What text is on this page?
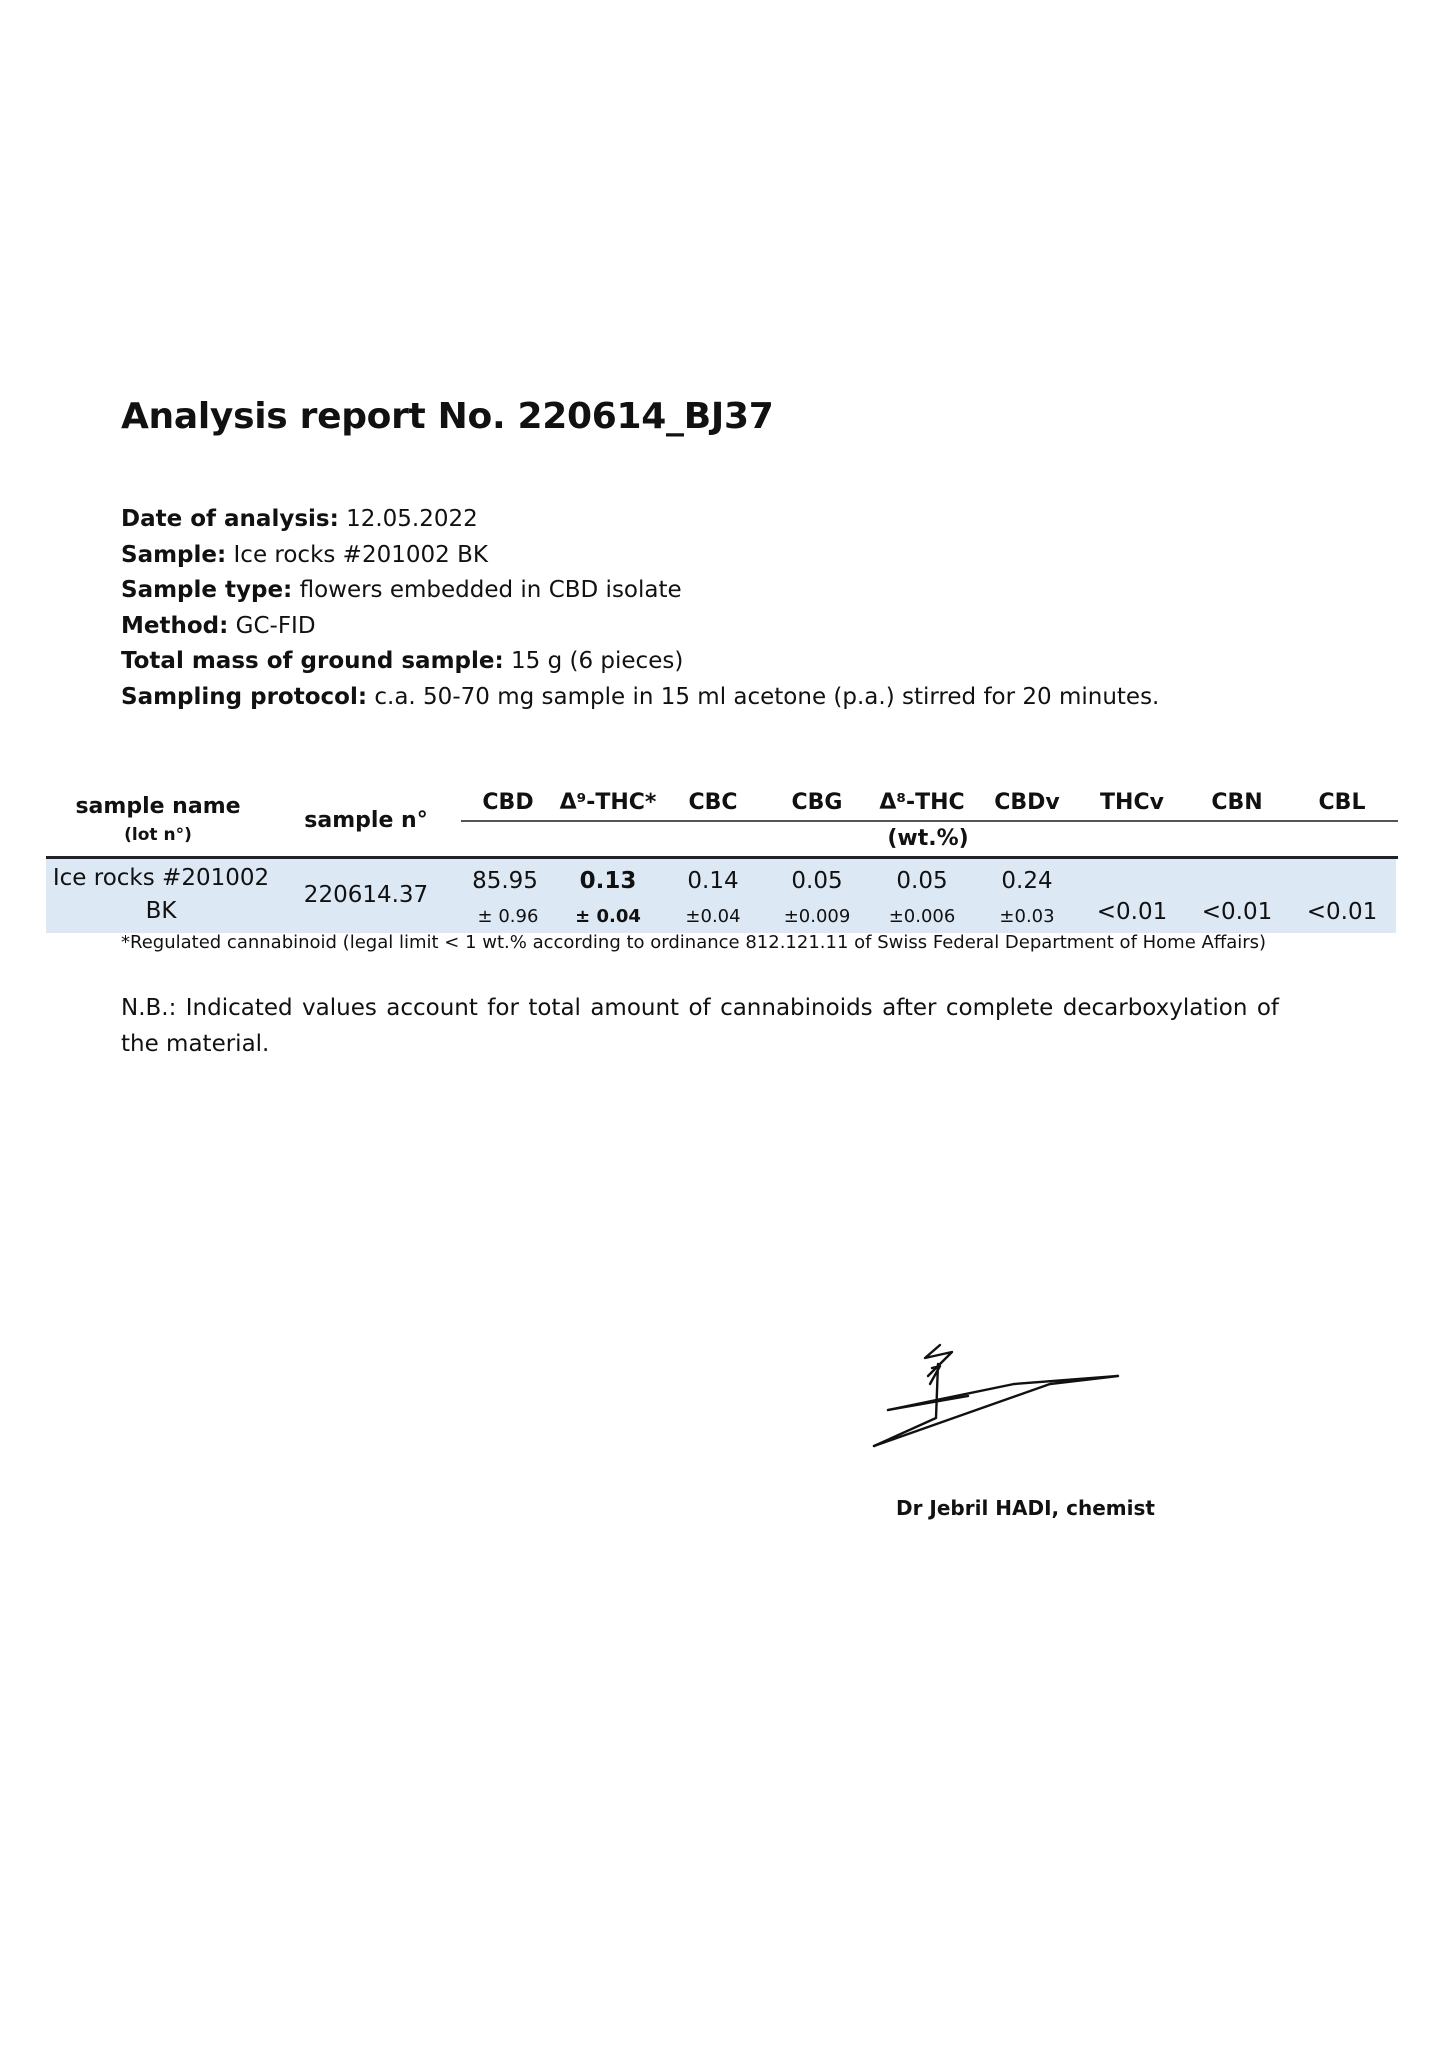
Analysis report No. 220614_BJ37
Date of analysis: 12.05.2022
Sample: Ice rocks #201002 BK
Sample type: flowers embedded in CBD isolate
Method: GC-FID
Total mass of ground sample: 15 g (6 pieces)
Sampling protocol: c.a. 50-70 mg sample in 15 ml acetone (p.a.) stirred for 20 minutes.
sample name
(lot n°)
sample n°
CBD Δ⁹-THC* CBC CBG Δ⁸-THC CBDv THCv CBN	CBL
(wt.%)
Ice rocks #201002
BK
220614.37
85.95 0.13 0.14 0.05 0.05 0.24
<0.01 <0.01 <0.01
± 0.96 ± 0.04 ±0.04 ±0.009 ±0.006 ±0.03
*Regulated cannabinoid (legal limit < 1 wt.% according to ordinance 812.121.11 of Swiss Federal Department of Home Affairs)
N.B.: Indicated values account for total amount of cannabinoids after complete decarboxylation of the material.
Dr Jebril HADI, chemist
